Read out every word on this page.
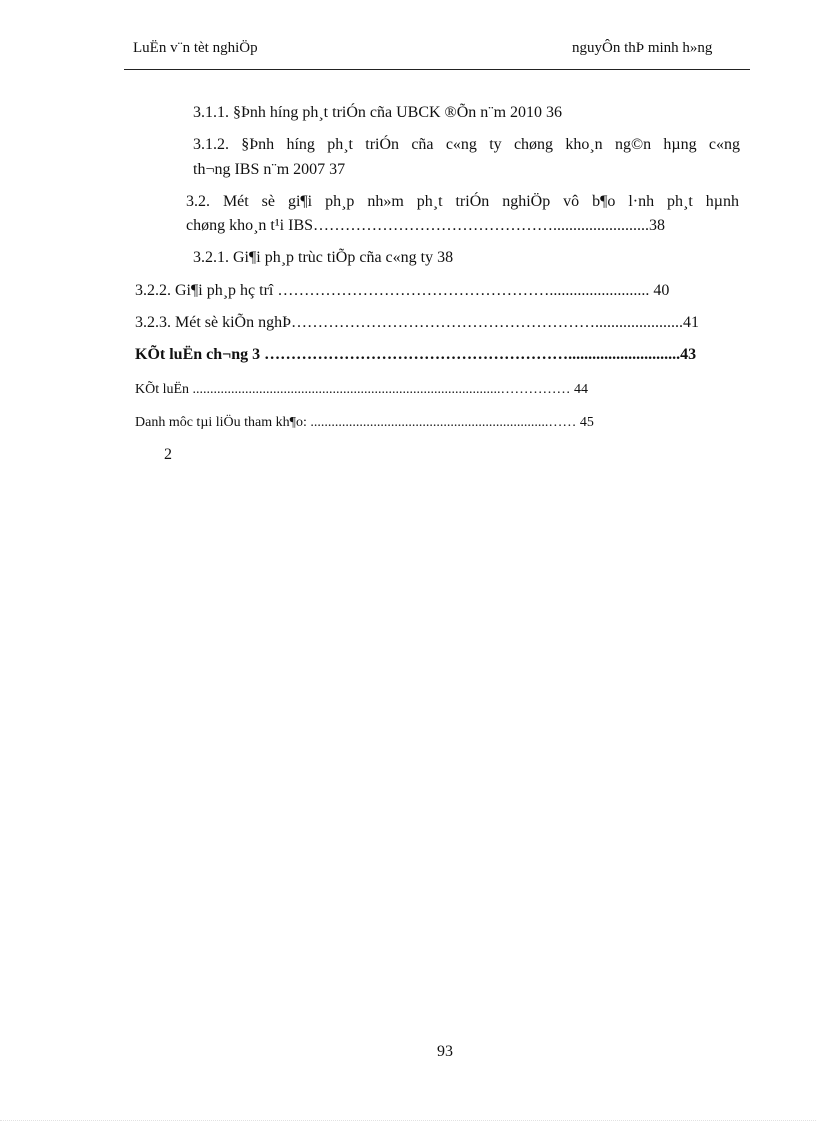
LuËn v¨n tèt nghiÖp	nguyÔn thÞ minh h»ng
3.1.1. §Þnh híng ph¸t triÓn cña UBCK ®Õn n¨m 2010 36
3.1.2. §Þnh híng ph¸t triÓn cña c«ng ty chøng kho¸n ng©n hµng c«ng
th¬ng IBS n¨m 2007 37
3.2. Mét sè gi¶i ph¸p nh»m ph¸t triÓn nghiÖp vô b¶o l·nh ph¸t hµnh
chøng kho¸n t¹i IBS………………………………………........................38
3.2.1. Gi¶i ph¸p trùc tiÕp cña c«ng ty 38
3.2.2. Gi¶i ph¸p hç trî ……………………………………………......................... 40
3.2.3. Mét sè kiÕn nghÞ…………………………………………………......................41
KÕt luËn ch¬ng 3 …………………………………………………............................43
KÕt luËn ........................................................................................…………… 44
Danh môc tµi liÖu tham kh¶o: ....................................................................…… 45
2
93
